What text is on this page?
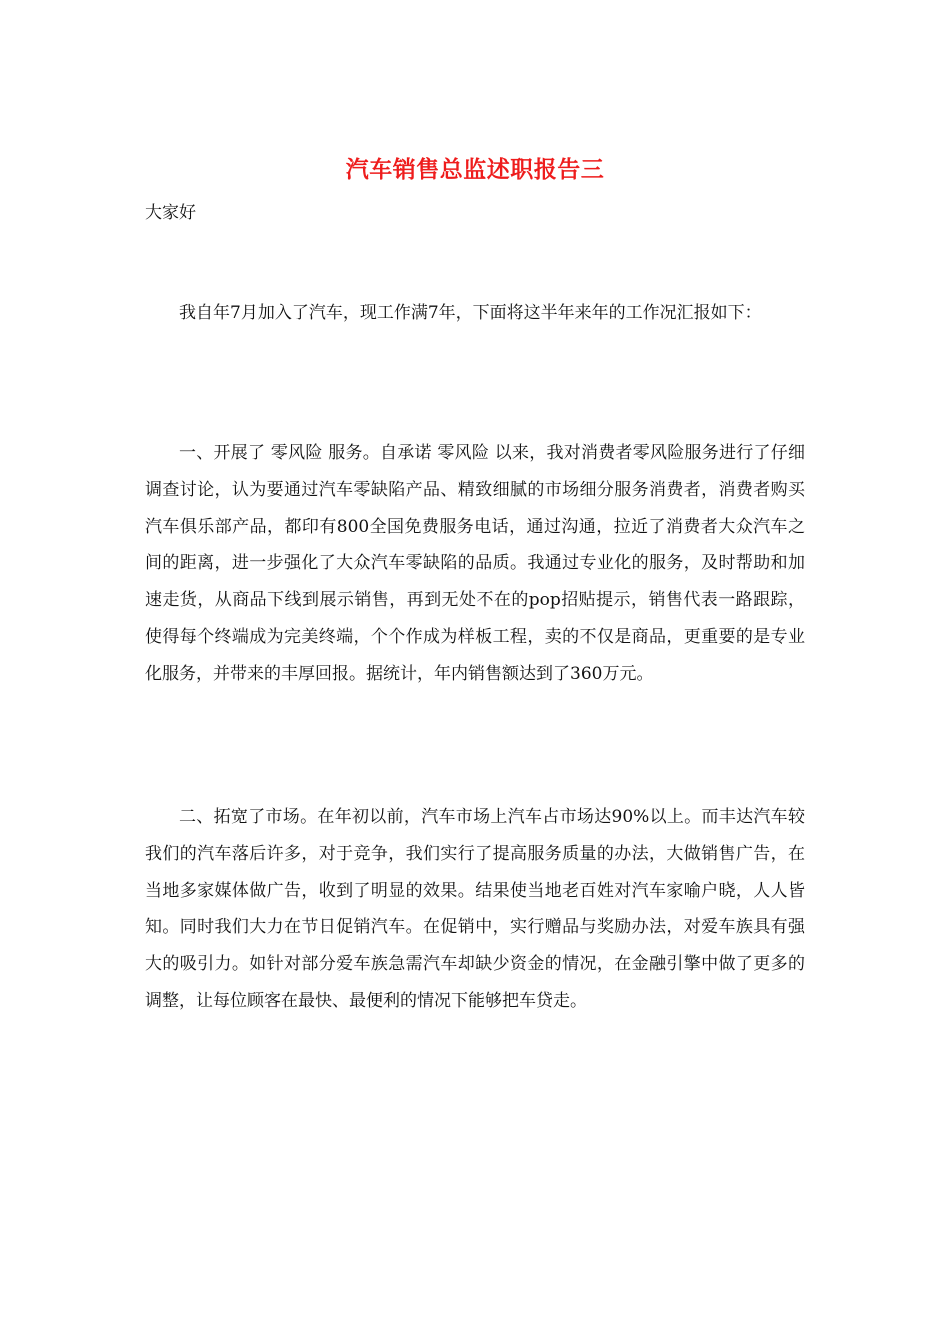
汽车销售总监述职报告三
大家好

我自年7月加入了汽车，现工作满7年，下面将这半年来年的工作况汇报如下：

一、开展了 零风险 服务。自承诺 零风险 以来，我对消费者零风险服务进行了仔细调查讨论，认为要通过汽车零缺陷产品、精致细腻的市场细分服务消费者，消费者购买汽车俱乐部产品，都印有800全国免费服务电话，通过沟通，拉近了消费者大众汽车之间的距离，进一步强化了大众汽车零缺陷的品质。我通过专业化的服务，及时帮助和加速走货，从商品下线到展示销售，再到无处不在的pop招贴提示，销售代表一路跟踪，使得每个终端成为完美终端，个个作成为样板工程，卖的不仅是商品，更重要的是专业化服务，并带来的丰厚回报。据统计，年内销售额达到了360万元。

二、拓宽了市场。在年初以前，汽车市场上汽车占市场达90%以上。而丰达汽车较我们的汽车落后许多，对于竞争，我们实行了提高服务质量的办法，大做销售广告，在当地多家媒体做广告，收到了明显的效果。结果使当地老百姓对汽车家喻户晓，人人皆知。同时我们大力在节日促销汽车。在促销中，实行赠品与奖励办法，对爱车族具有强大的吸引力。如针对部分爱车族急需汽车却缺少资金的情况，在金融引擎中做了更多的调整，让每位顾客在最快、最便利的情况下能够把车贷走。
